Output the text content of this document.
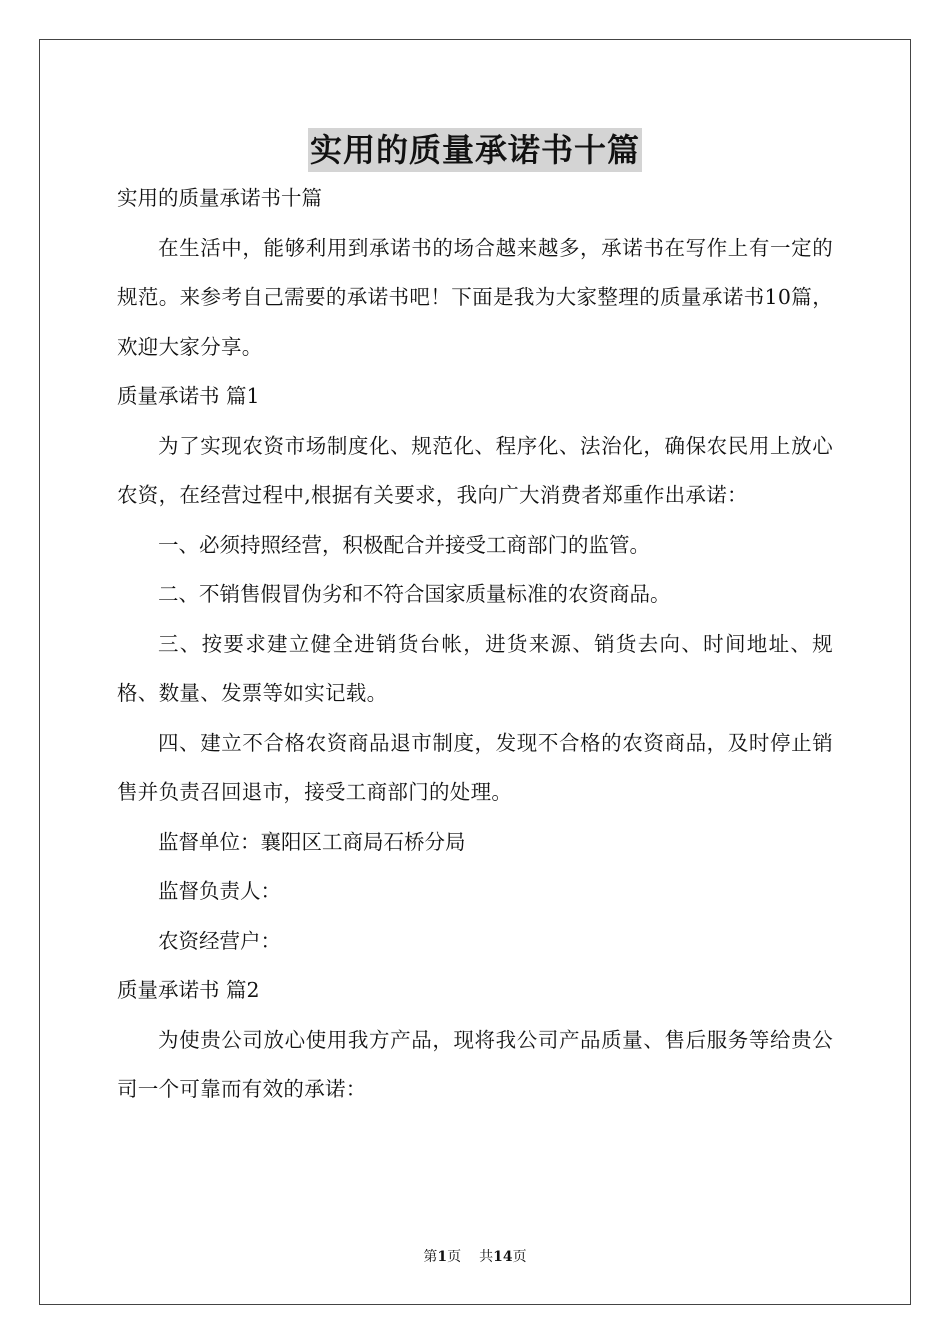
实用的质量承诺书十篇

实用的质量承诺书十篇

在生活中，能够利用到承诺书的场合越来越多，承诺书在写作上有一定的规范。来参考自己需要的承诺书吧！下面是我为大家整理的质量承诺书10篇，欢迎大家分享。

质量承诺书 篇1

为了实现农资市场制度化、规范化、程序化、法治化，确保农民用上放心农资，在经营过程中,根据有关要求，我向广大消费者郑重作出承诺：

一、必须持照经营，积极配合并接受工商部门的监管。

二、不销售假冒伪劣和不符合国家质量标准的农资商品。

三、按要求建立健全进销货台帐，进货来源、销货去向、时间地址、规格、数量、发票等如实记载。

四、建立不合格农资商品退市制度，发现不合格的农资商品，及时停止销售并负责召回退市，接受工商部门的处理。

监督单位：襄阳区工商局石桥分局

监督负责人：

农资经营户：

质量承诺书 篇2

为使贵公司放心使用我方产品，现将我公司产品质量、售后服务等给贵公司一个可靠而有效的承诺：

第1页 共14页
